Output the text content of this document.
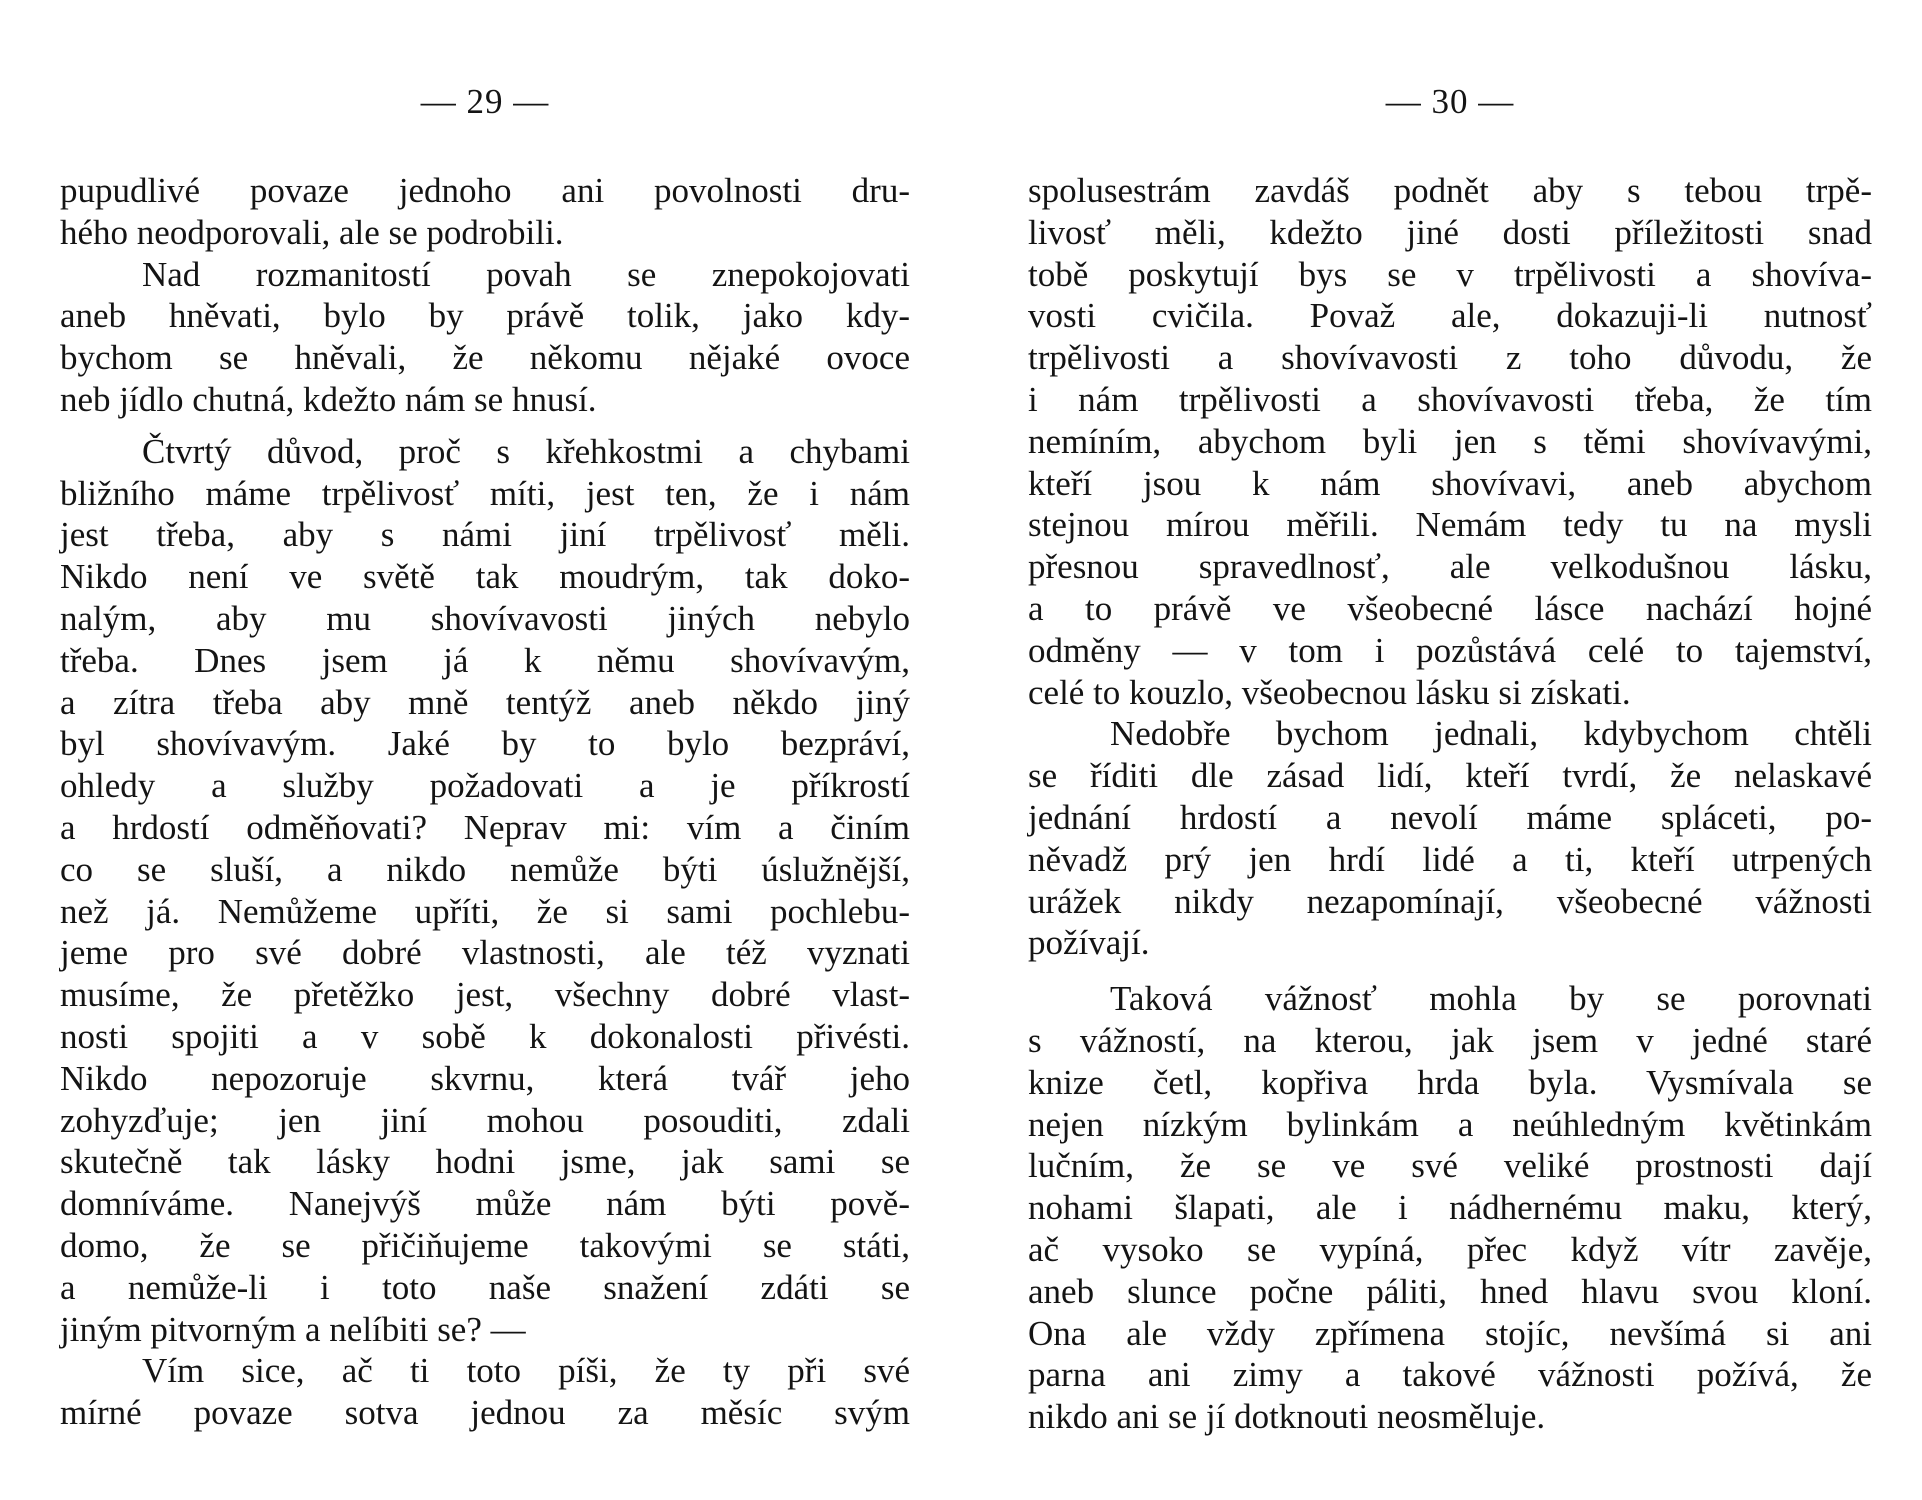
— 29 —
pupudlivé povaze jednoho ani povolnosti dru-
hého neodporovali, ale se podrobili.
Nad rozmanitostí povah se znepokojovati
aneb hněvati, bylo by právě tolik, jako kdy-
bychom se hněvali, že někomu nějaké ovoce
neb jídlo chutná, kdežto nám se hnusí.
Čtvrtý důvod, proč s křehkostmi a chybami
bližního máme trpělivosť míti, jest ten, že i nám
jest třeba, aby s námi jiní trpělivosť měli.
Nikdo není ve světě tak moudrým, tak doko-
nalým, aby mu shovívavosti jiných nebylo
třeba. Dnes jsem já k němu shovívavým,
a zítra třeba aby mně tentýž aneb někdo jiný
byl shovívavým. Jaké by to bylo bezpráví,
ohledy a služby požadovati a je příkrostí
a hrdostí odměňovati? Neprav mi: vím a činím
co se sluší, a nikdo nemůže býti úslužnější,
než já. Nemůžeme upříti, že si sami pochlebu-
jeme pro své dobré vlastnosti, ale též vyznati
musíme, že přetěžko jest, všechny dobré vlast-
nosti spojiti a v sobě k dokonalosti přivésti.
Nikdo nepozoruje skvrnu, která tvář jeho
zohyzďuje; jen jiní mohou posouditi, zdali
skutečně tak lásky hodni jsme, jak sami se
domníváme. Nanejvýš může nám býti pově-
domo, že se přičiňujeme takovými se státi,
a nemůže-li i toto naše snažení zdáti se
jiným pitvorným a nelíbiti se? —
Vím sice, ač ti toto píši, že ty při své
mírné povaze sotva jednou za měsíc svým
— 30 —
spolusestrám zavdáš podnět aby s tebou trpě-
livosť měli, kdežto jiné dosti příležitosti snad
tobě poskytují bys se v trpělivosti a shovíva-
vosti cvičila. Považ ale, dokazuji-li nutnosť
trpělivosti a shovívavosti z toho důvodu, že
i nám trpělivosti a shovívavosti třeba, že tím
nemíním, abychom byli jen s těmi shovívavými,
kteří jsou k nám shovívavi, aneb abychom
stejnou mírou měřili. Nemám tedy tu na mysli
přesnou spravedlnosť, ale velkodušnou lásku,
a to právě ve všeobecné lásce nachází hojné
odměny — v tom i pozůstává celé to tajemství,
celé to kouzlo, všeobecnou lásku si získati.
Nedobře bychom jednali, kdybychom chtěli
se říditi dle zásad lidí, kteří tvrdí, že nelaskavé
jednání hrdostí a nevolí máme spláceti, po-
něvadž prý jen hrdí lidé a ti, kteří utrpených
urážek nikdy nezapomínají, všeobecné vážnosti
požívají.
Taková vážnosť mohla by se porovnati
s vážností, na kterou, jak jsem v jedné staré
knize četl, kopřiva hrda byla. Vysmívala se
nejen nízkým bylinkám a neúhledným květinkám
lučním, že se ve své veliké prostnosti dají
nohami šlapati, ale i nádhernému maku, který,
ač vysoko se vypíná, přec když vítr zavěje,
aneb slunce počne páliti, hned hlavu svou kloní.
Ona ale vždy zpřímena stojíc, nevšímá si ani
parna ani zimy a takové vážnosti požívá, že
nikdo ani se jí dotknouti neosměluje.
